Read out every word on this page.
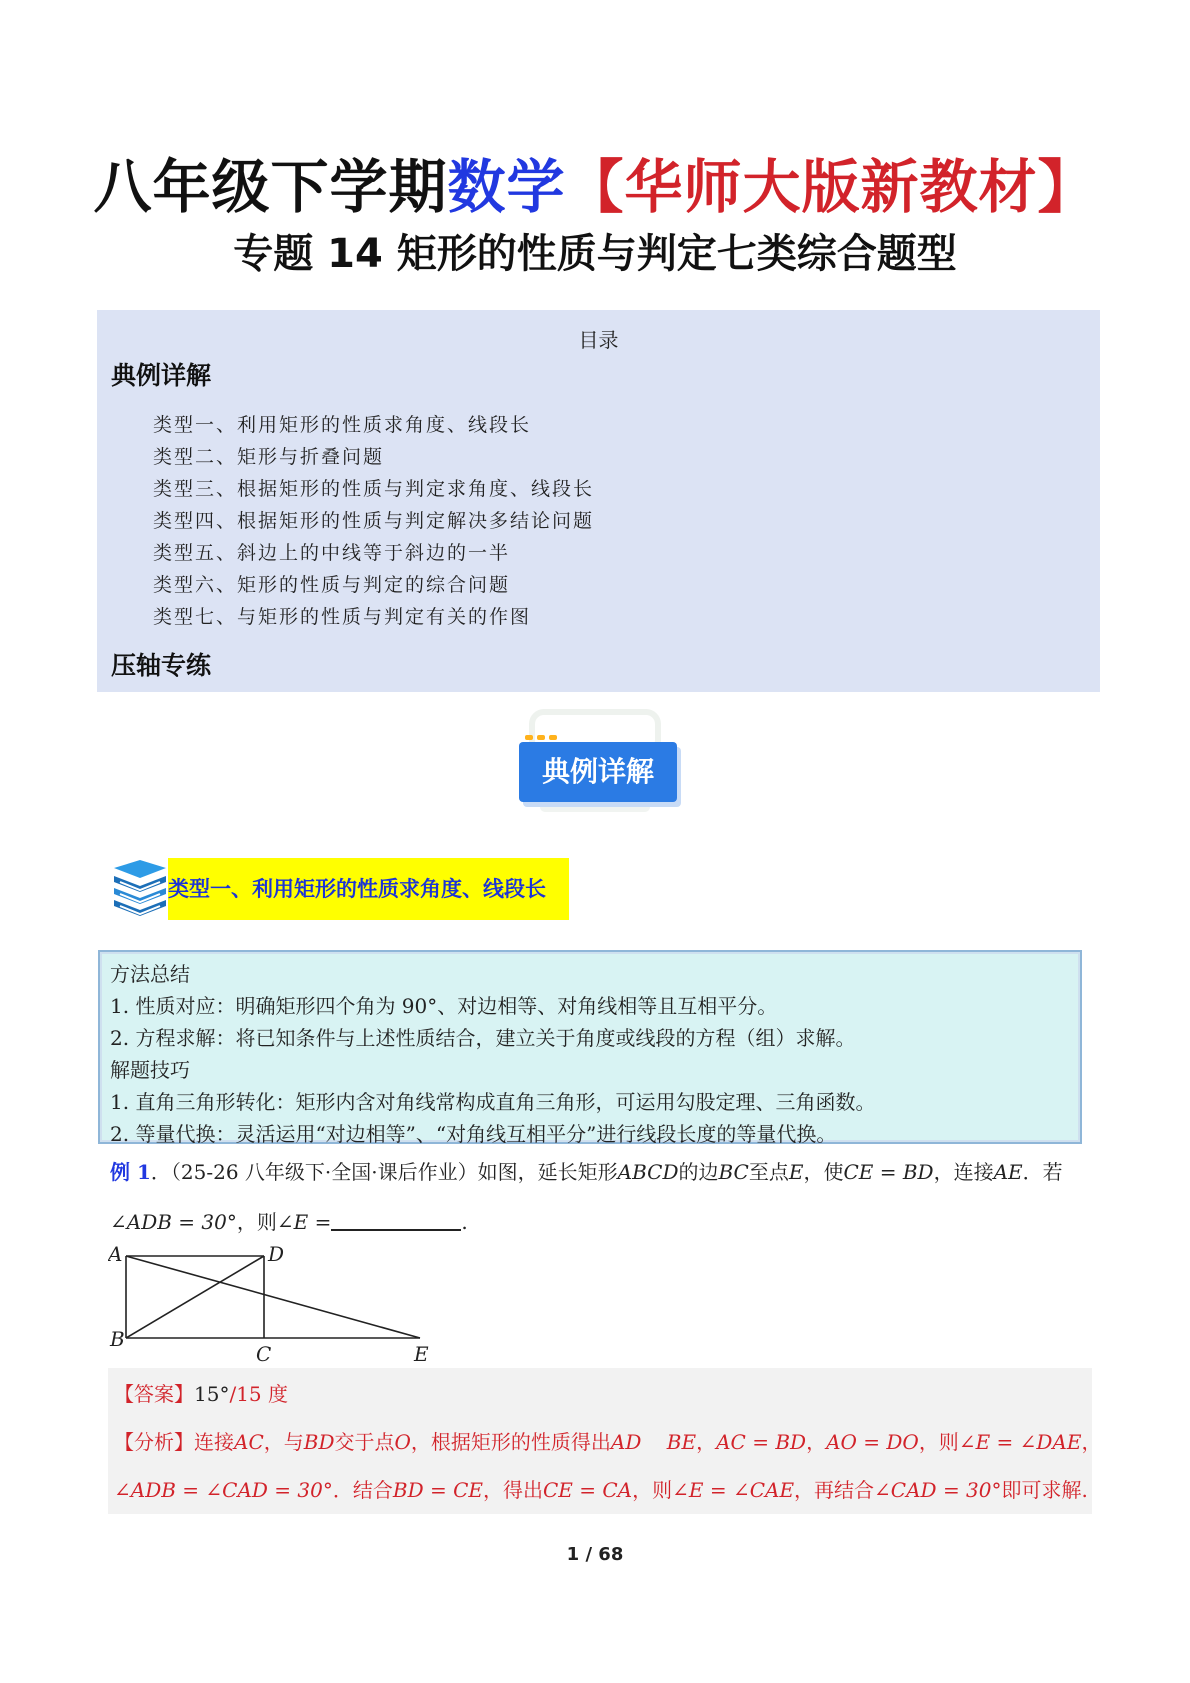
八年级下学期数学【华师大版新教材】
专题 14 矩形的性质与判定七类综合题型
目录
典例详解
类型一、利用矩形的性质求角度、线段长
类型二、矩形与折叠问题
类型三、根据矩形的性质与判定求角度、线段长
类型四、根据矩形的性质与判定解决多结论问题
类型五、斜边上的中线等于斜边的一半
类型六、矩形的性质与判定的综合问题
类型七、与矩形的性质与判定有关的作图
压轴专练
典例详解
类型一、利用矩形的性质求角度、线段长
方法总结
1. 性质对应：明确矩形四个角为 90°、对边相等、对角线相等且互相平分。
2. 方程求解：将已知条件与上述性质结合，建立关于角度或线段的方程（组）求解。
解题技巧
1. 直角三角形转化：矩形内含对角线常构成直角三角形，可运用勾股定理、三角函数。
2. 等量代换：灵活运用“对边相等”、“对角线互相平分”进行线段长度的等量代换。
例 1．（25-26 八年级下·全国·课后作业）如图，延长矩形ABCD的边BC至点E，使CE = BD，连接AE．若
∠ADB = 30°，则∠E =	.
A	D
B
C	E
【答案】15°/15 度
【分析】连接AC，与BD交于点O，根据矩形的性质得出AD    BE，AC = BD，AO = DO，则∠E = ∠DAE，
∠ADB = ∠CAD = 30°．结合BD = CE，得出CE = CA，则∠E = ∠CAE，再结合∠CAD = 30°即可求解.
1 / 68
